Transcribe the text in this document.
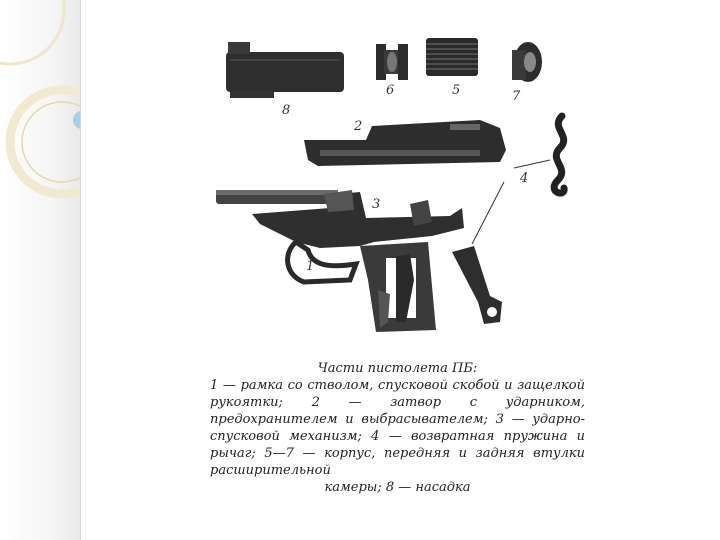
8
6	5	7
2
4
3
1
Части пистолета ПБ:
1 — рамка со стволом, спусковой скобой и защелкой рукоятки; 2 — затвор с ударником, предохранителем и выбрасывателем; 3 — ударно-спусковой механизм; 4 — возвратная пружина и рычаг; 5—7 — корпус, передняя и задняя втулки расширительной
камеры; 8 — насадка
